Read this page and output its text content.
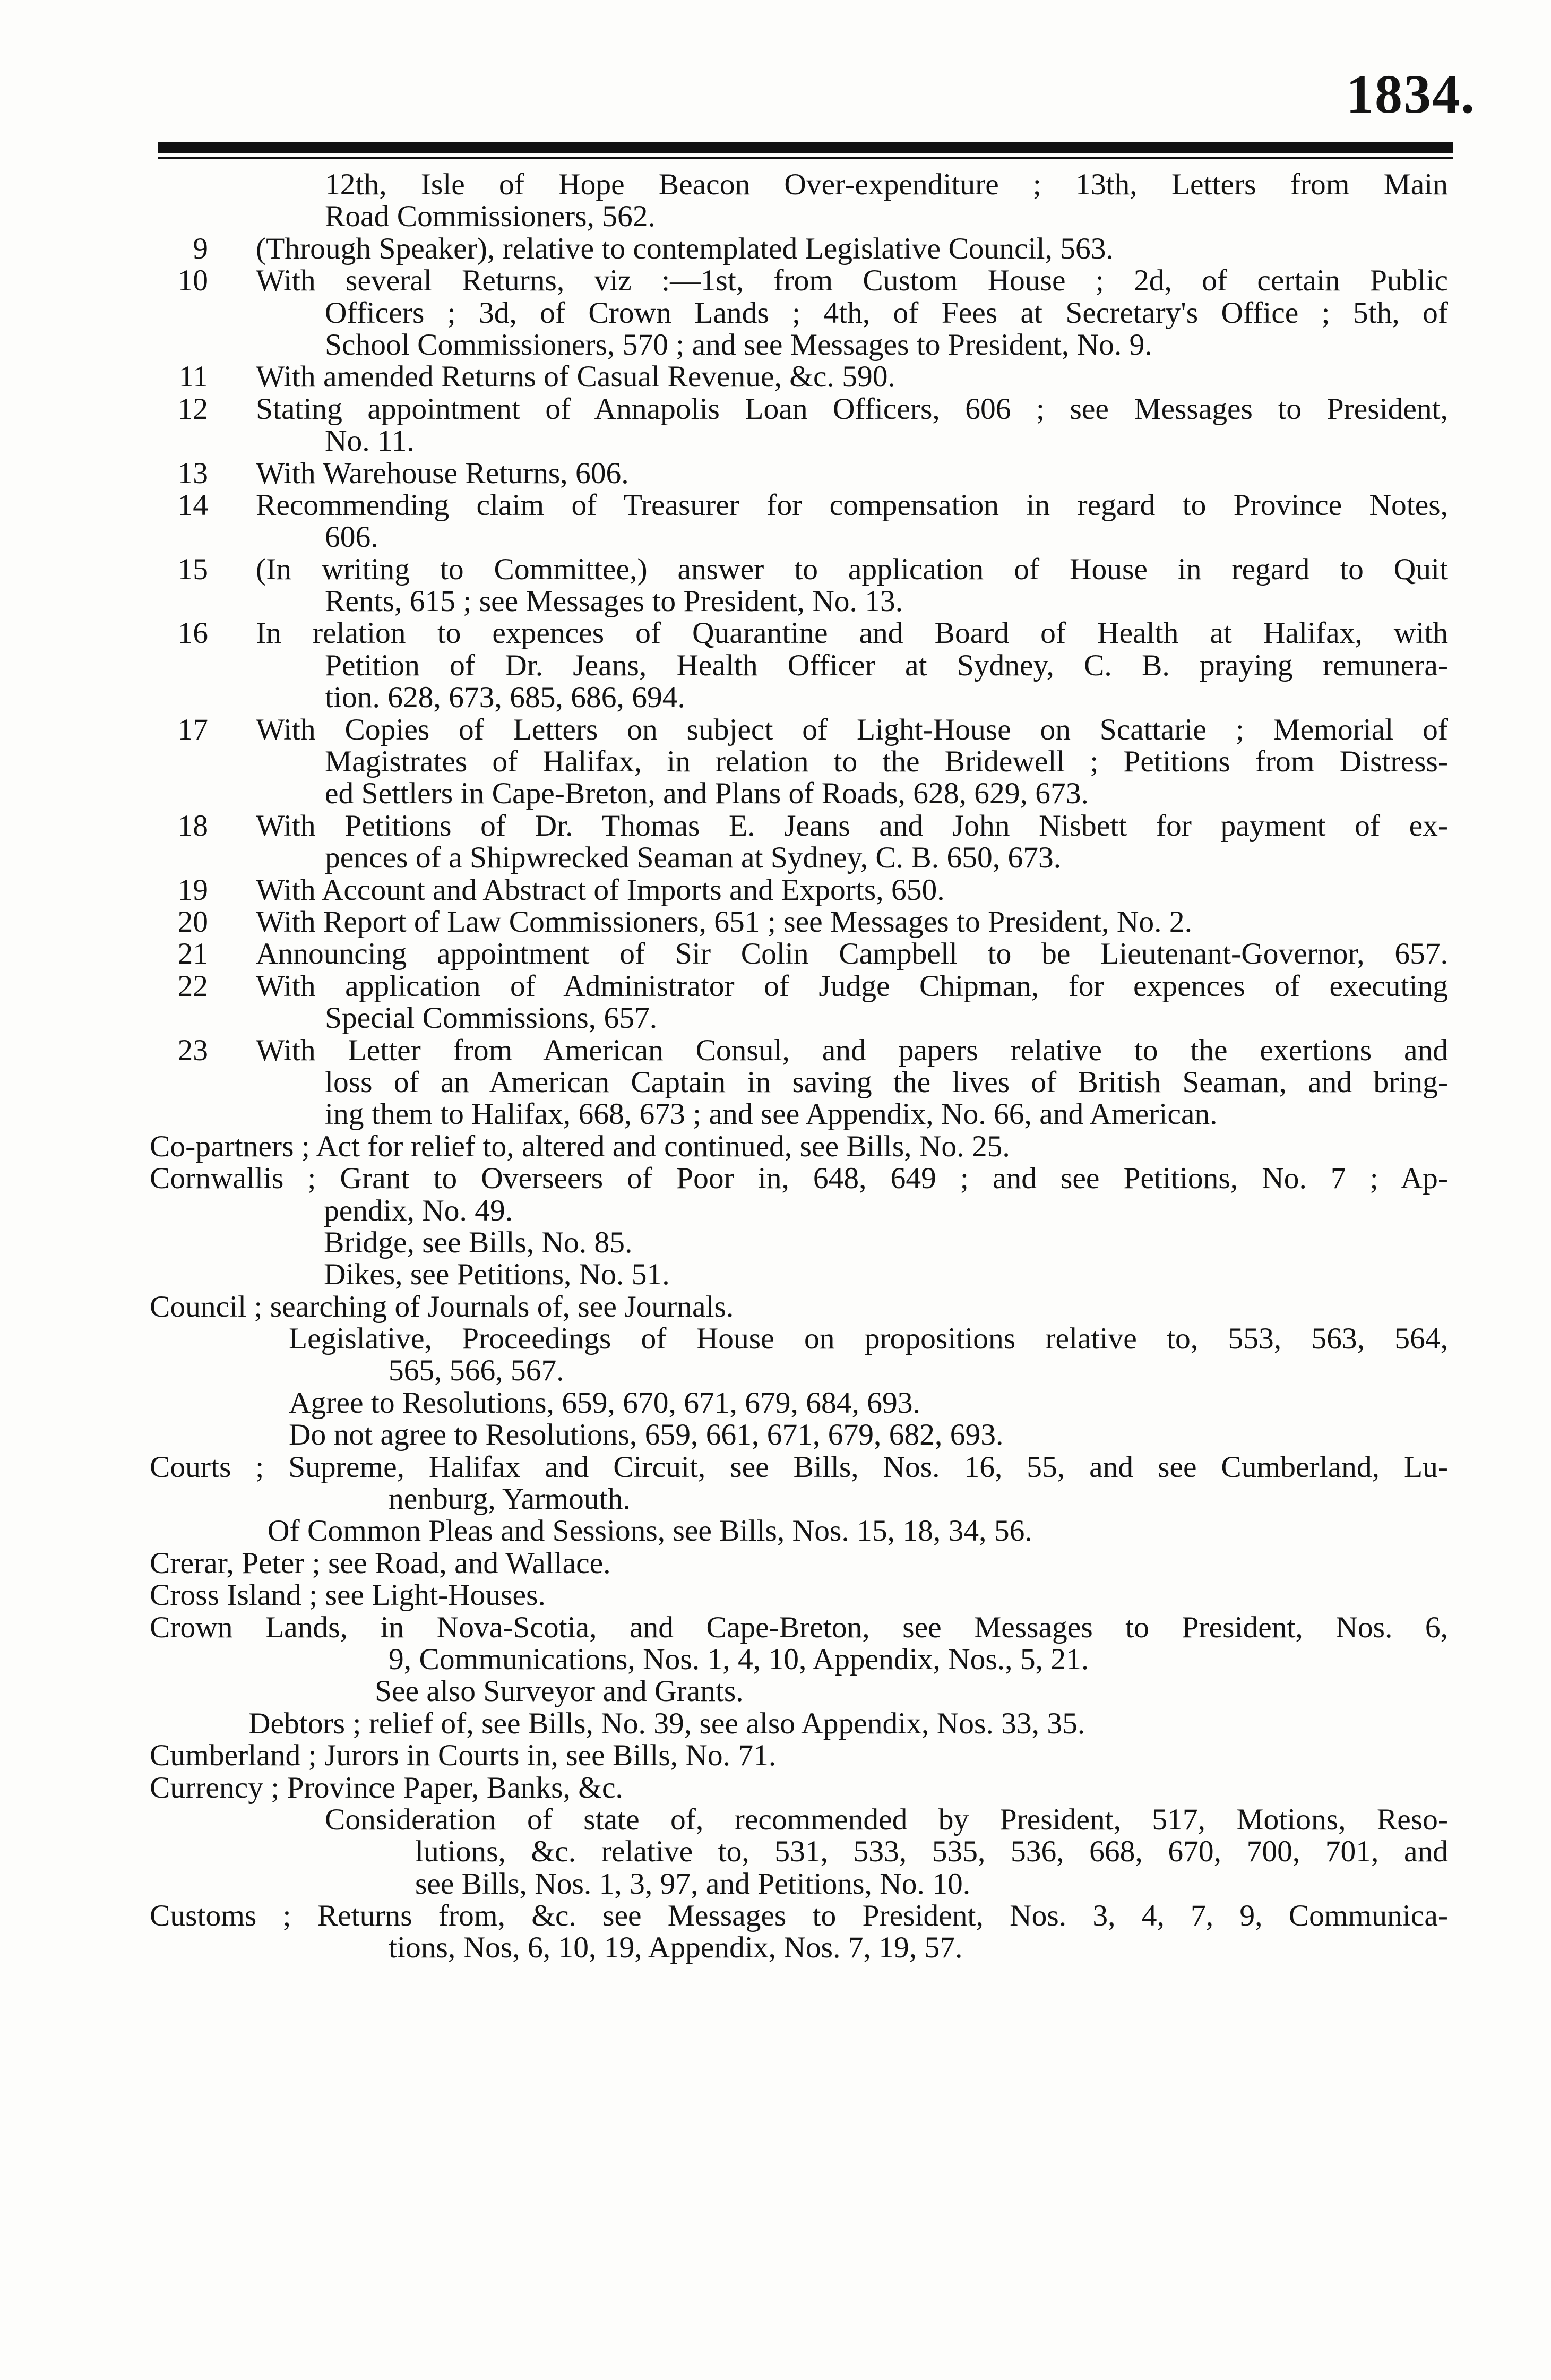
1834.
12th, Isle of Hope Beacon Over-expenditure ; 13th, Letters from Main
Road Commissioners, 562.
9 (Through Speaker), relative to contemplated Legislative Council, 563.
10 With several Returns, viz :—1st, from Custom House ; 2d, of certain Public
Officers ; 3d, of Crown Lands ; 4th, of Fees at Secretary's Office ; 5th, of
School Commissioners, 570 ; and see Messages to President, No. 9.
11 With amended Returns of Casual Revenue, &c. 590.
12 Stating appointment of Annapolis Loan Officers, 606 ; see Messages to President,
No. 11.
13 With Warehouse Returns, 606.
14 Recommending claim of Treasurer for compensation in regard to Province Notes,
606.
15 (In writing to Committee,) answer to application of House in regard to Quit
Rents, 615 ; see Messages to President, No. 13.
16 In relation to expences of Quarantine and Board of Health at Halifax, with
Petition of Dr. Jeans, Health Officer at Sydney, C. B. praying remunera-
tion. 628, 673, 685, 686, 694.
17 With Copies of Letters on subject of Light-House on Scattarie ; Memorial of
Magistrates of Halifax, in relation to the Bridewell ; Petitions from Distress-
ed Settlers in Cape-Breton, and Plans of Roads, 628, 629, 673.
18 With Petitions of Dr. Thomas E. Jeans and John Nisbett for payment of ex-
pences of a Shipwrecked Seaman at Sydney, C. B. 650, 673.
19 With Account and Abstract of Imports and Exports, 650.
20 With Report of Law Commissioners, 651 ; see Messages to President, No. 2.
21 Announcing appointment of Sir Colin Campbell to be Lieutenant-Governor, 657.
22 With application of Administrator of Judge Chipman, for expences of executing
Special Commissions, 657.
23 With Letter from American Consul, and papers relative to the exertions and
loss of an American Captain in saving the lives of British Seaman, and bring-
ing them to Halifax, 668, 673 ; and see Appendix, No. 66, and American.
Co-partners ; Act for relief to, altered and continued, see Bills, No. 25.
Cornwallis ; Grant to Overseers of Poor in, 648, 649 ; and see Petitions, No. 7 ; Ap-
pendix, No. 49.
Bridge, see Bills, No. 85.
Dikes, see Petitions, No. 51.
Council ; searching of Journals of, see Journals.
Legislative, Proceedings of House on propositions relative to, 553, 563, 564,
565, 566, 567.
Agree to Resolutions, 659, 670, 671, 679, 684, 693.
Do not agree to Resolutions, 659, 661, 671, 679, 682, 693.
Courts ; Supreme, Halifax and Circuit, see Bills, Nos. 16, 55, and see Cumberland, Lu-
nenburg, Yarmouth.
Of Common Pleas and Sessions, see Bills, Nos. 15, 18, 34, 56.
Crerar, Peter ; see Road, and Wallace.
Cross Island ; see Light-Houses.
Crown Lands, in Nova-Scotia, and Cape-Breton, see Messages to President, Nos. 6,
9, Communications, Nos. 1, 4, 10, Appendix, Nos., 5, 21.
See also Surveyor and Grants.
Debtors ; relief of, see Bills, No. 39, see also Appendix, Nos. 33, 35.
Cumberland ; Jurors in Courts in, see Bills, No. 71.
Currency ; Province Paper, Banks, &c.
Consideration of state of, recommended by President, 517, Motions, Reso-
lutions, &c. relative to, 531, 533, 535, 536, 668, 670, 700, 701, and
see Bills, Nos. 1, 3, 97, and Petitions, No. 10.
Customs ; Returns from, &c. see Messages to President, Nos. 3, 4, 7, 9, Communica-
tions, Nos, 6, 10, 19, Appendix, Nos. 7, 19, 57.
